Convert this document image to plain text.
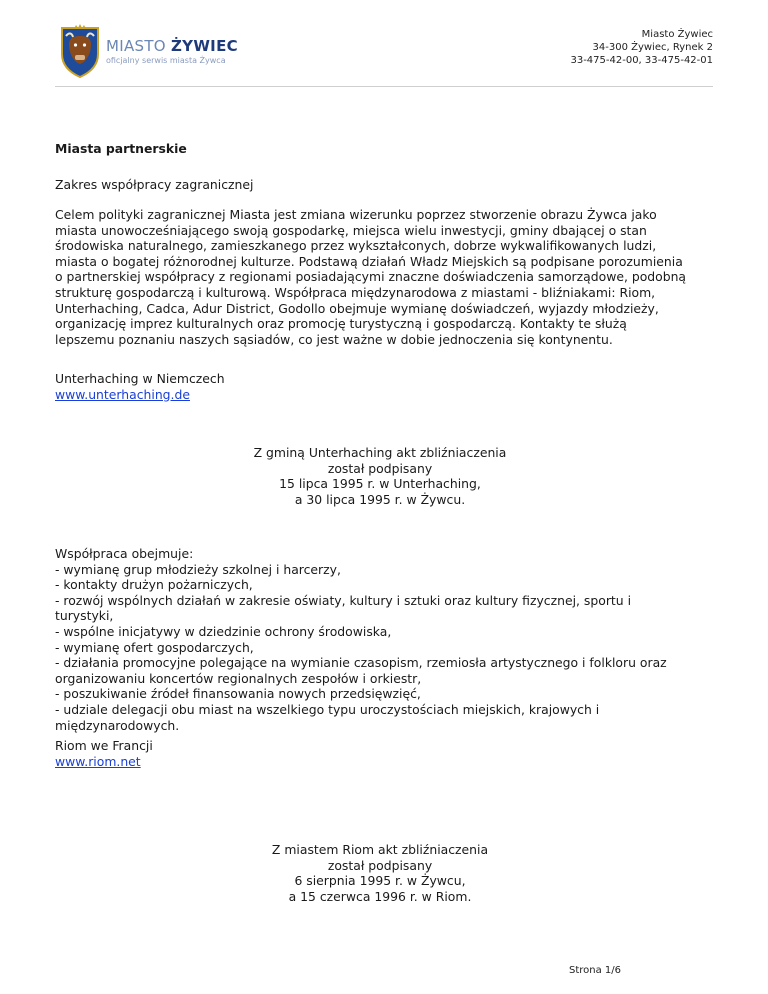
MIASTO ŻYWIEC
oficjalny serwis miasta Żywca
Miasto Żywiec
34-300 Żywiec, Rynek 2
33-475-42-00, 33-475-42-01
Miasta partnerskie
Zakres współpracy zagranicznej
Celem polityki zagranicznej Miasta jest zmiana wizerunku poprzez stworzenie obrazu Żywca jako
miasta unowocześniającego swoją gospodarkę, miejsca wielu inwestycji, gminy dbającej o stan
środowiska naturalnego, zamieszkanego przez wykształconych, dobrze wykwalifikowanych ludzi,
miasta o bogatej różnorodnej kulturze. Podstawą działań Władz Miejskich są podpisane porozumienia
o partnerskiej współpracy z regionami posiadającymi znaczne doświadczenia samorządowe, podobną
strukturę gospodarczą i kulturową. Współpraca międzynarodowa z miastami - bliźniakami: Riom,
Unterhaching, Cadca, Adur District, Godollo obejmuje wymianę doświadczeń, wyjazdy młodzieży,
organizację imprez kulturalnych oraz promocję turystyczną i gospodarczą. Kontakty te służą
lepszemu poznaniu naszych sąsiadów, co jest ważne w dobie jednoczenia się kontynentu.
Unterhaching w Niemczech
www.unterhaching.de
Z gminą Unterhaching akt zbliźniaczenia
został podpisany
15 lipca 1995 r. w Unterhaching,
a 30 lipca 1995 r. w Żywcu.
Współpraca obejmuje:
- wymianę grup młodzieży szkolnej i harcerzy,
- kontakty drużyn pożarniczych,
- rozwój wspólnych działań w zakresie oświaty, kultury i sztuki oraz kultury fizycznej, sportu i
turystyki,
- wspólne inicjatywy w dziedzinie ochrony środowiska,
- wymianę ofert gospodarczych,
- działania promocyjne polegające na wymianie czasopism, rzemiosła artystycznego i folkloru oraz
organizowaniu koncertów regionalnych zespołów i orkiestr,
- poszukiwanie źródeł finansowania nowych przedsięwzięć,
- udziale delegacji obu miast na wszelkiego typu uroczystościach miejskich, krajowych i
międzynarodowych.
Riom we Francji
www.riom.net
Z miastem Riom akt zbliźniaczenia
został podpisany
6 sierpnia 1995 r. w Żywcu,
a 15 czerwca 1996 r. w Riom.
Strona 1/6
